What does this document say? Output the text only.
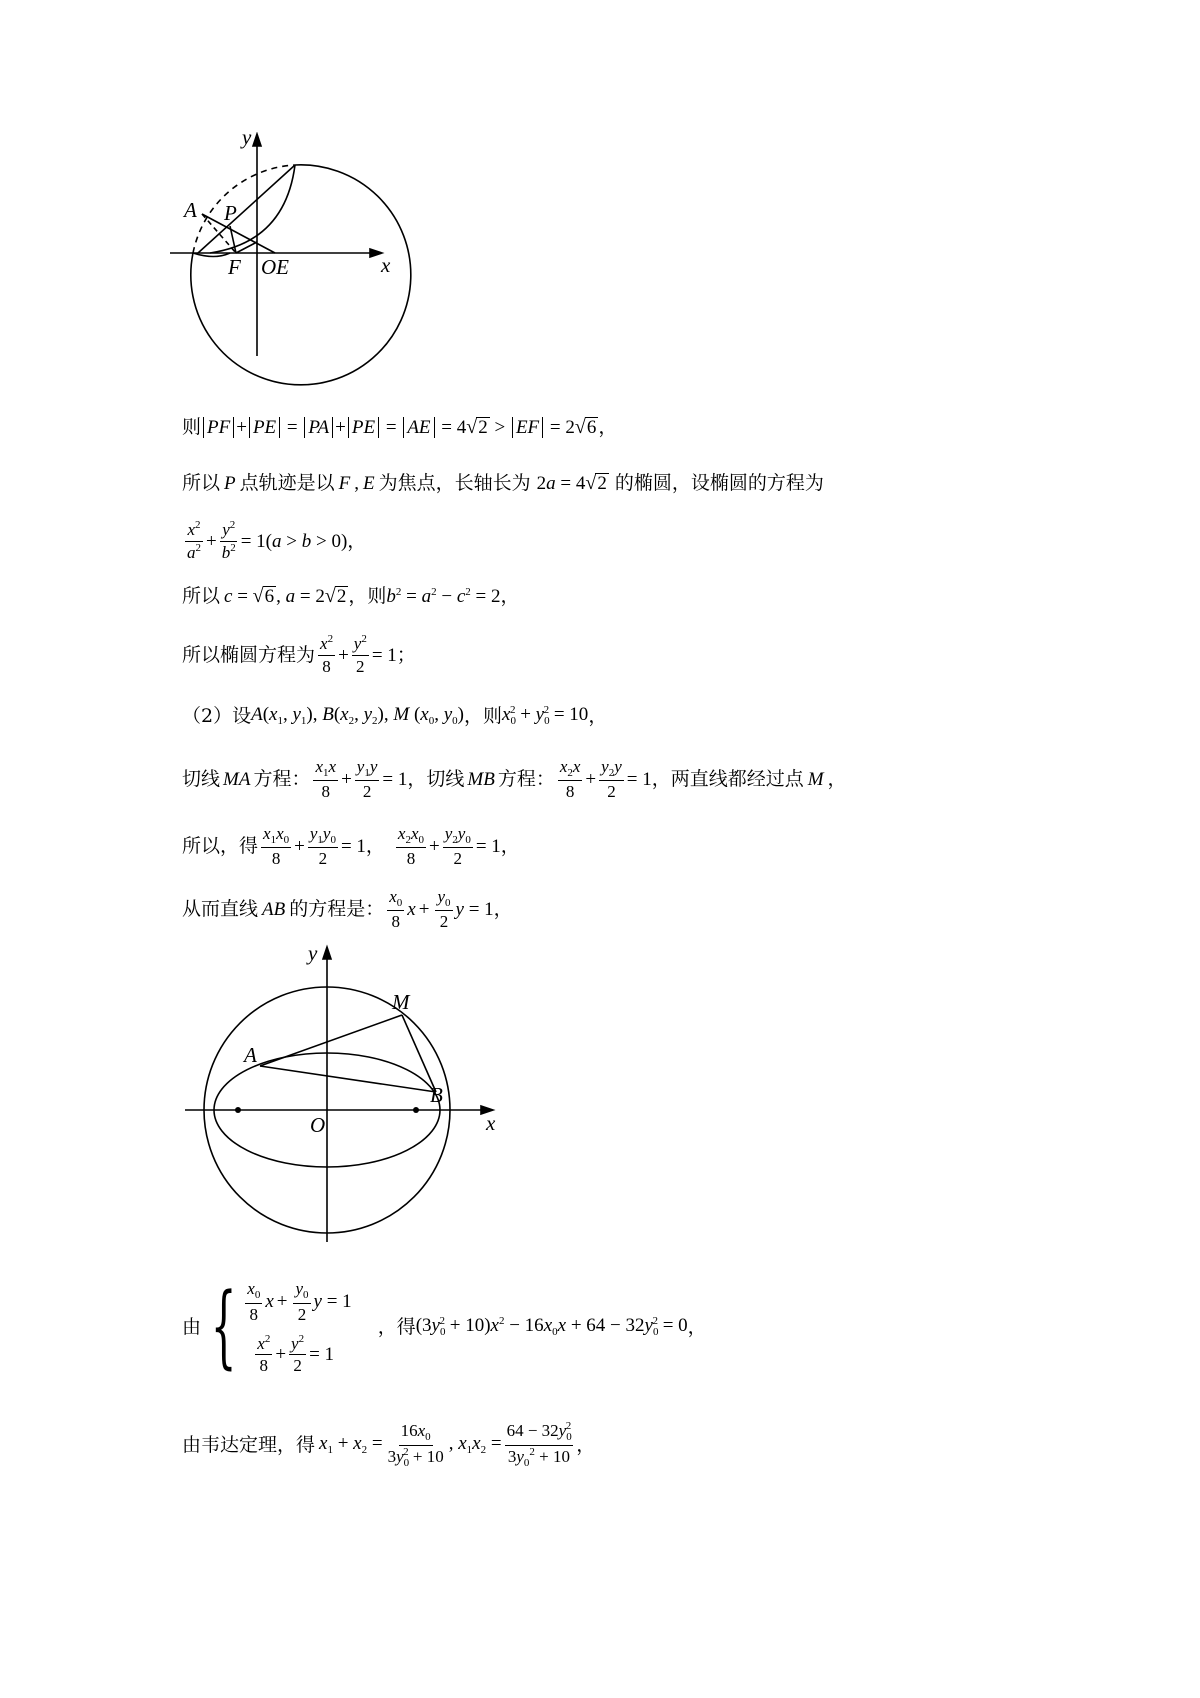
y
x
A P
F OE
则 PF + PE = PA + PE = AE = 4 √ 2 > EF = 2 √ 6 ，
所以 P 点轨迹是以 F , E 为焦点，长轴长为 2a = 4 √ 2 的椭圆，设椭圆的方程为
$\frac{x^2}{a^2} + \frac{y^2}{b^2} = 1(a > b > 0)$ ，
所以 c = √ 6 , a = 2 √ 2 ，则 $b^2 = a^2 - c^2 = 2$ ，
所以椭圆方程为 $\frac{x^2}{8} + \frac{y^2}{2} = 1$ ；
（2）设 $A(x_1$, $y_1$), $B(x_2$, $y_2$), M ($x_0$, $y_0$) ，则 $x_0^2 + y_0^2 = 10$ ，
切线 MA 方程： $\frac{x_1x}{8} + \frac{y_1y}{2} = 1$ ， 切线 MB 方程： $\frac{x_2x}{8} + \frac{y_2y}{2} = 1$ ，两直线都经过点 M ，
所以， 得 $\frac{x_1x_0}{8} + \frac{y_1y_0}{2} = 1$ ， $\frac{x_2x_0}{8} + \frac{y_2y_0}{2} = 1$ ，
从而直线 AB 的方程是： $\frac{x_0}{8}$ $x + \frac{y_0}{2}$ y = 1 ，
y
x
M
A
B
O
由 { $\frac{x_0}{8}$ $x + \frac{y_0}{2}$ y = 1
$\frac{x^2}{8} + \frac{y^2}{2} = 1$
， 得 $(3y_0^2 + 10)x^2 - 16x_0x + 64 - 32y_0^2 = 0$ ，
由韦达定理，得 $x_1 + x_2 = \frac{16x_0}{3y_0^2 + 10}$ , $x_1x_2 = \frac{64 - 32y_0^2}{3y_0^2 + 10}$ ，
